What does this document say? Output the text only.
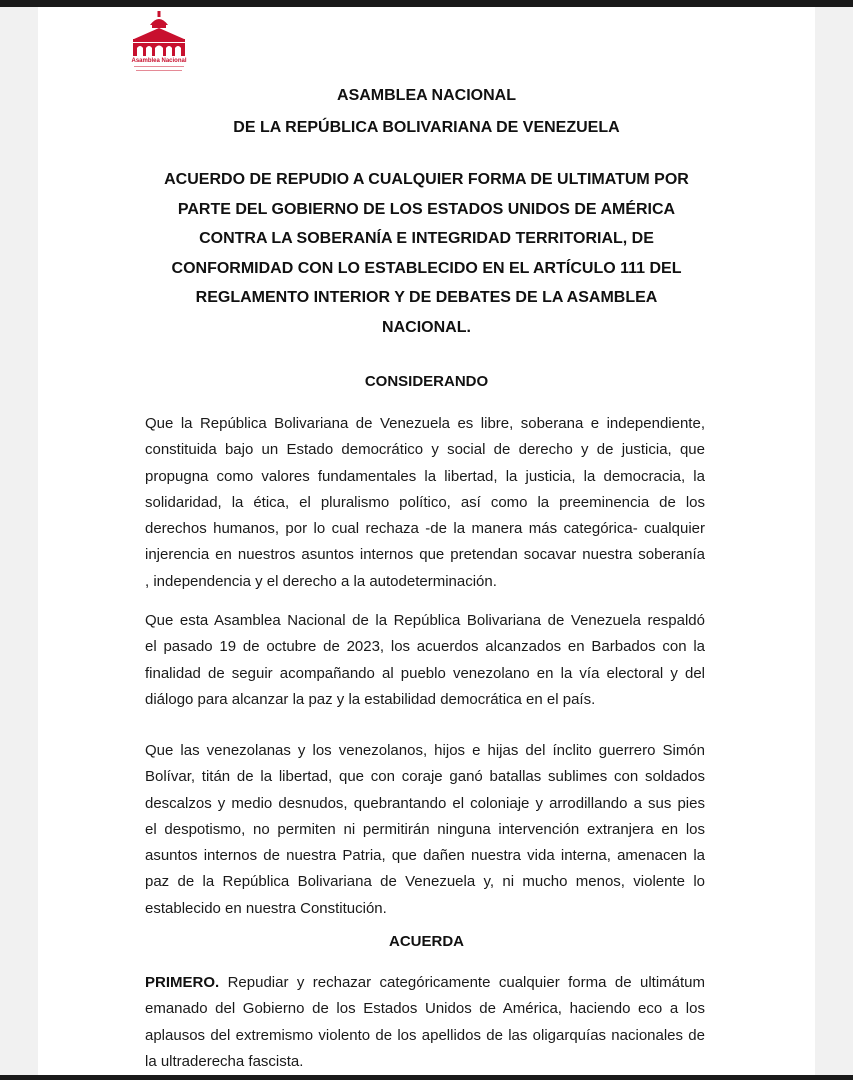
Asamblea Nacional
ASAMBLEA NACIONAL
DE LA REPÚBLICA BOLIVARIANA DE VENEZUELA
ACUERDO DE REPUDIO A CUALQUIER FORMA DE ULTIMATUM POR
PARTE DEL GOBIERNO DE LOS ESTADOS UNIDOS DE AMÉRICA
CONTRA LA SOBERANÍA E INTEGRIDAD TERRITORIAL, DE
CONFORMIDAD CON LO ESTABLECIDO EN EL ARTÍCULO 111 DEL
REGLAMENTO INTERIOR Y DE DEBATES DE LA ASAMBLEA
NACIONAL.
CONSIDERANDO
Que la República Bolivariana de Venezuela es libre, soberana e independiente,
constituida bajo un Estado democrático y social de derecho y de justicia, que
propugna como valores fundamentales la libertad, la justicia, la democracia, la
solidaridad, la ética, el pluralismo político, así como la preeminencia de los
derechos humanos, por lo cual rechaza -de la manera más categórica- cualquier
injerencia en nuestros asuntos internos que pretendan socavar nuestra soberanía
, independencia y el derecho a la autodeterminación.
Que esta Asamblea Nacional de la República Bolivariana de Venezuela respaldó
el pasado 19 de octubre de 2023, los acuerdos alcanzados en Barbados con la
finalidad de seguir acompañando al pueblo venezolano en la vía electoral y del
diálogo para alcanzar la paz y la estabilidad democrática en el país.
Que las venezolanas y los venezolanos, hijos e hijas del ínclito guerrero Simón
Bolívar, titán de la libertad, que con coraje ganó batallas sublimes con soldados
descalzos y medio desnudos, quebrantando el coloniaje y arrodillando a sus pies
el despotismo, no permiten ni permitirán ninguna intervención extranjera en los
asuntos internos de nuestra Patria, que dañen nuestra vida interna, amenacen la
paz de la República Bolivariana de Venezuela y, ni mucho menos, violente lo
establecido en nuestra Constitución.
ACUERDA
PRIMERO. Repudiar y rechazar categóricamente cualquier forma de ultimátum
emanado del Gobierno de los Estados Unidos de América, haciendo eco a los
aplausos del extremismo violento de los apellidos de las oligarquías nacionales de
la ultraderecha fascista.
